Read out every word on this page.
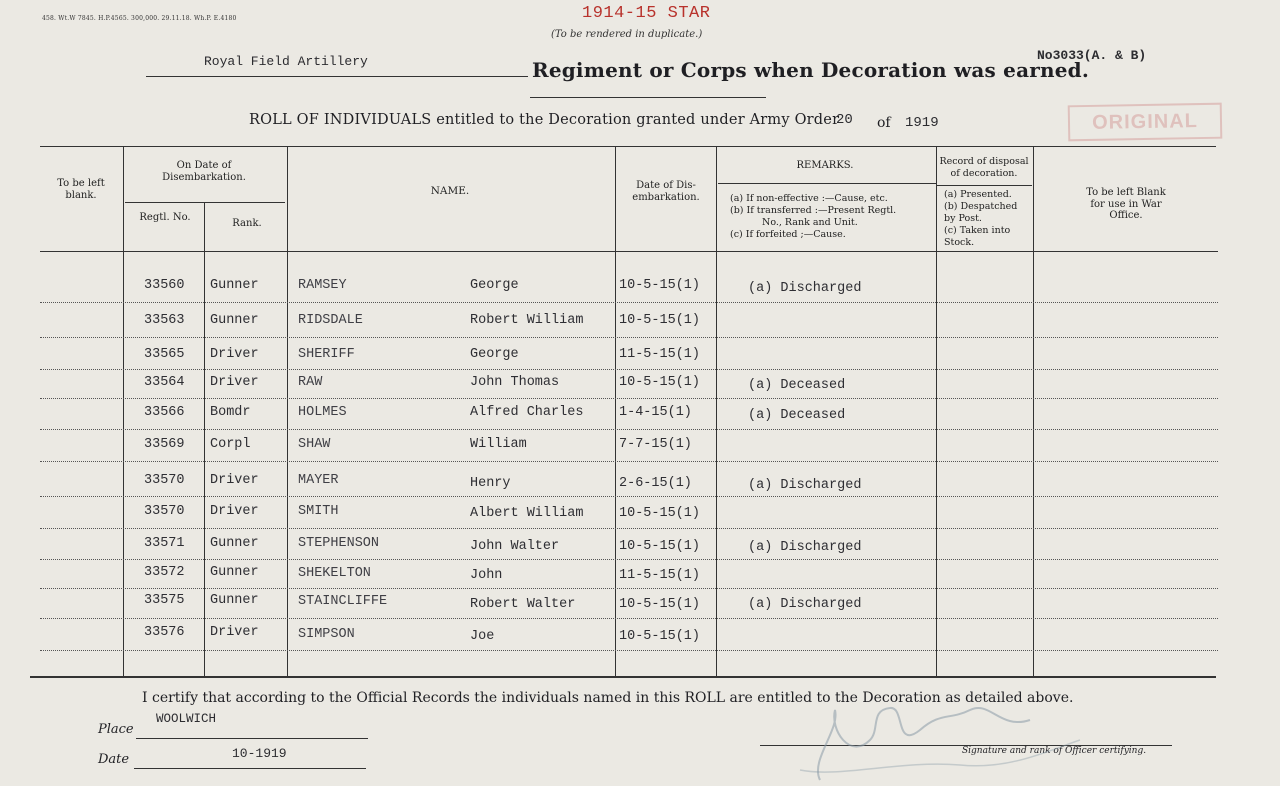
458. Wt.W 7845. H.P.4565. 300,000. 29.11.18. Wh.P. E.4180	1914-15 STAR
(To be rendered in duplicate.)
No3033(A. & B)
Royal Field Artillery	Regiment or Corps when Decoration was earned.
ROLL OF INDIVIDUALS entitled to the Decoration granted under Army Order
20 of 1919	ORIGINAL
To be left blank.
On Date of Disembarkation.
Regtl. No.
Rank.
NAME.	Date of Dis- embarkation.
REMARKS.
(a) If non-effective :—Cause, etc.
(b) If transferred :—Present Regtl.
No., Rank and Unit.
(c) If forfeited ;—Cause.
Record of disposal of decoration.
(a) Presented.
(b) Despatched by Post.
(c) Taken into Stock.
To be left Blank for use in War Office.
33560 Gunner	RAMSEY	George	10-5-15(1)	(a) Discharged
33563 Gunner	RIDSDALE	Robert William	10-5-15(1)
33565 Driver	SHERIFF	George	11-5-15(1)
33564 Driver	RAW	John Thomas	10-5-15(1)	(a) Deceased
33566 Bomdr	HOLMES	Alfred Charles	1-4-15(1)	(a) Deceased
33569 Corpl	SHAW	William	7-7-15(1)
33570 Driver	MAYER	Henry	2-6-15(1)	(a) Discharged
33570 Driver	SMITH	Albert William	10-5-15(1)
33571 Gunner	STEPHENSON	John Walter	10-5-15(1)	(a) Discharged
33572 Gunner	SHEKELTON	John	11-5-15(1)
33575 Gunner	STAINCLIFFE	Robert Walter	10-5-15(1)	(a) Discharged
33576 Driver	SIMPSON	Joe	10-5-15(1)
I certify that according to the Official Records the individuals named in this ROLL are entitled to the Decoration as detailed above.
Place
WOOLWICH
Date	10-1919	Signature and rank of Officer certifying.
